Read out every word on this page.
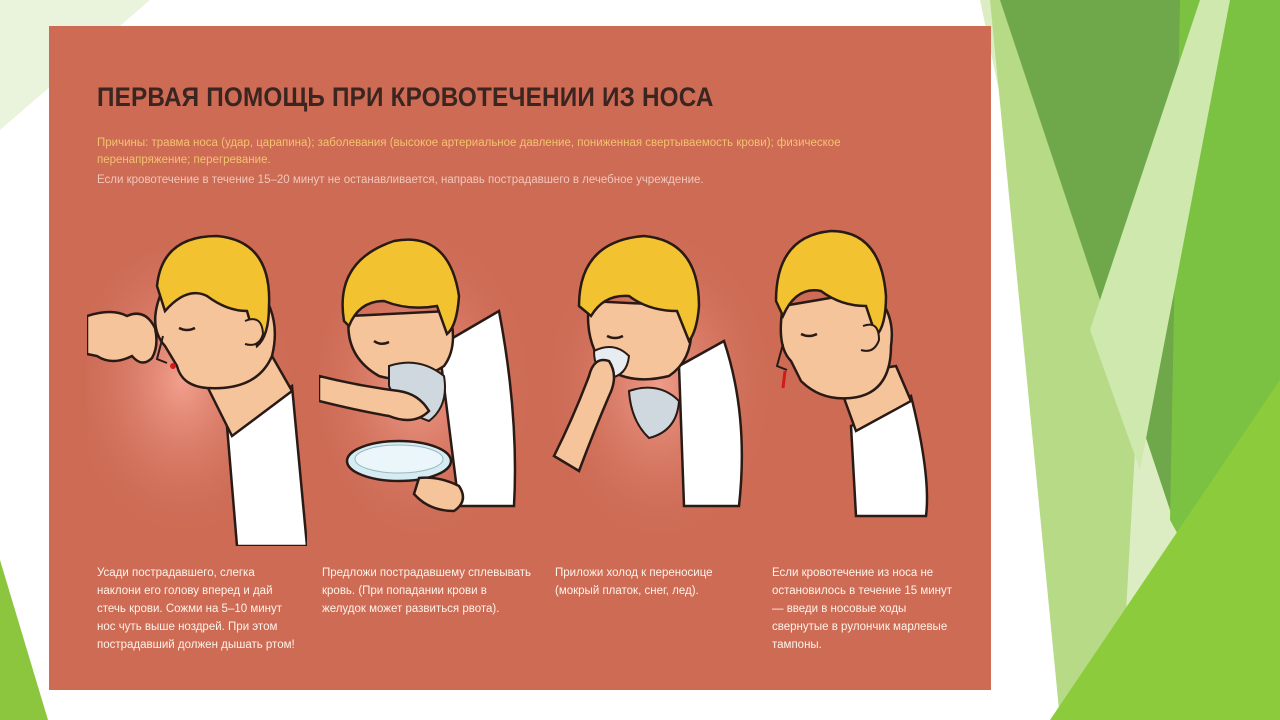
ПЕРВАЯ ПОМОЩЬ ПРИ КРОВОТЕЧЕНИИ ИЗ НОСА
Причины: травма носа (удар, царапина); заболевания (высокое артериальное давление, пониженная свертываемость крови); физическое перенапряжение; перегревание.
Если кровотечение в течение 15–20 минут не останавливается, направь пострадавшего в лечебное учреждение.
Усади пострадавшего, слегка наклони его голову вперед и дай стечь крови. Сожми на 5–10 минут нос чуть выше ноздрей. При этом пострадавший должен дышать ртом!
Предложи пострадавшему сплевывать кровь. (При попадании крови в желудок может развиться рвота).
Приложи холод к переносице (мокрый платок, снег, лед).
Если кровотечение из носа не остановилось в течение 15 минут — введи в носовые ходы свернутые в рулончик марлевые тампоны.
